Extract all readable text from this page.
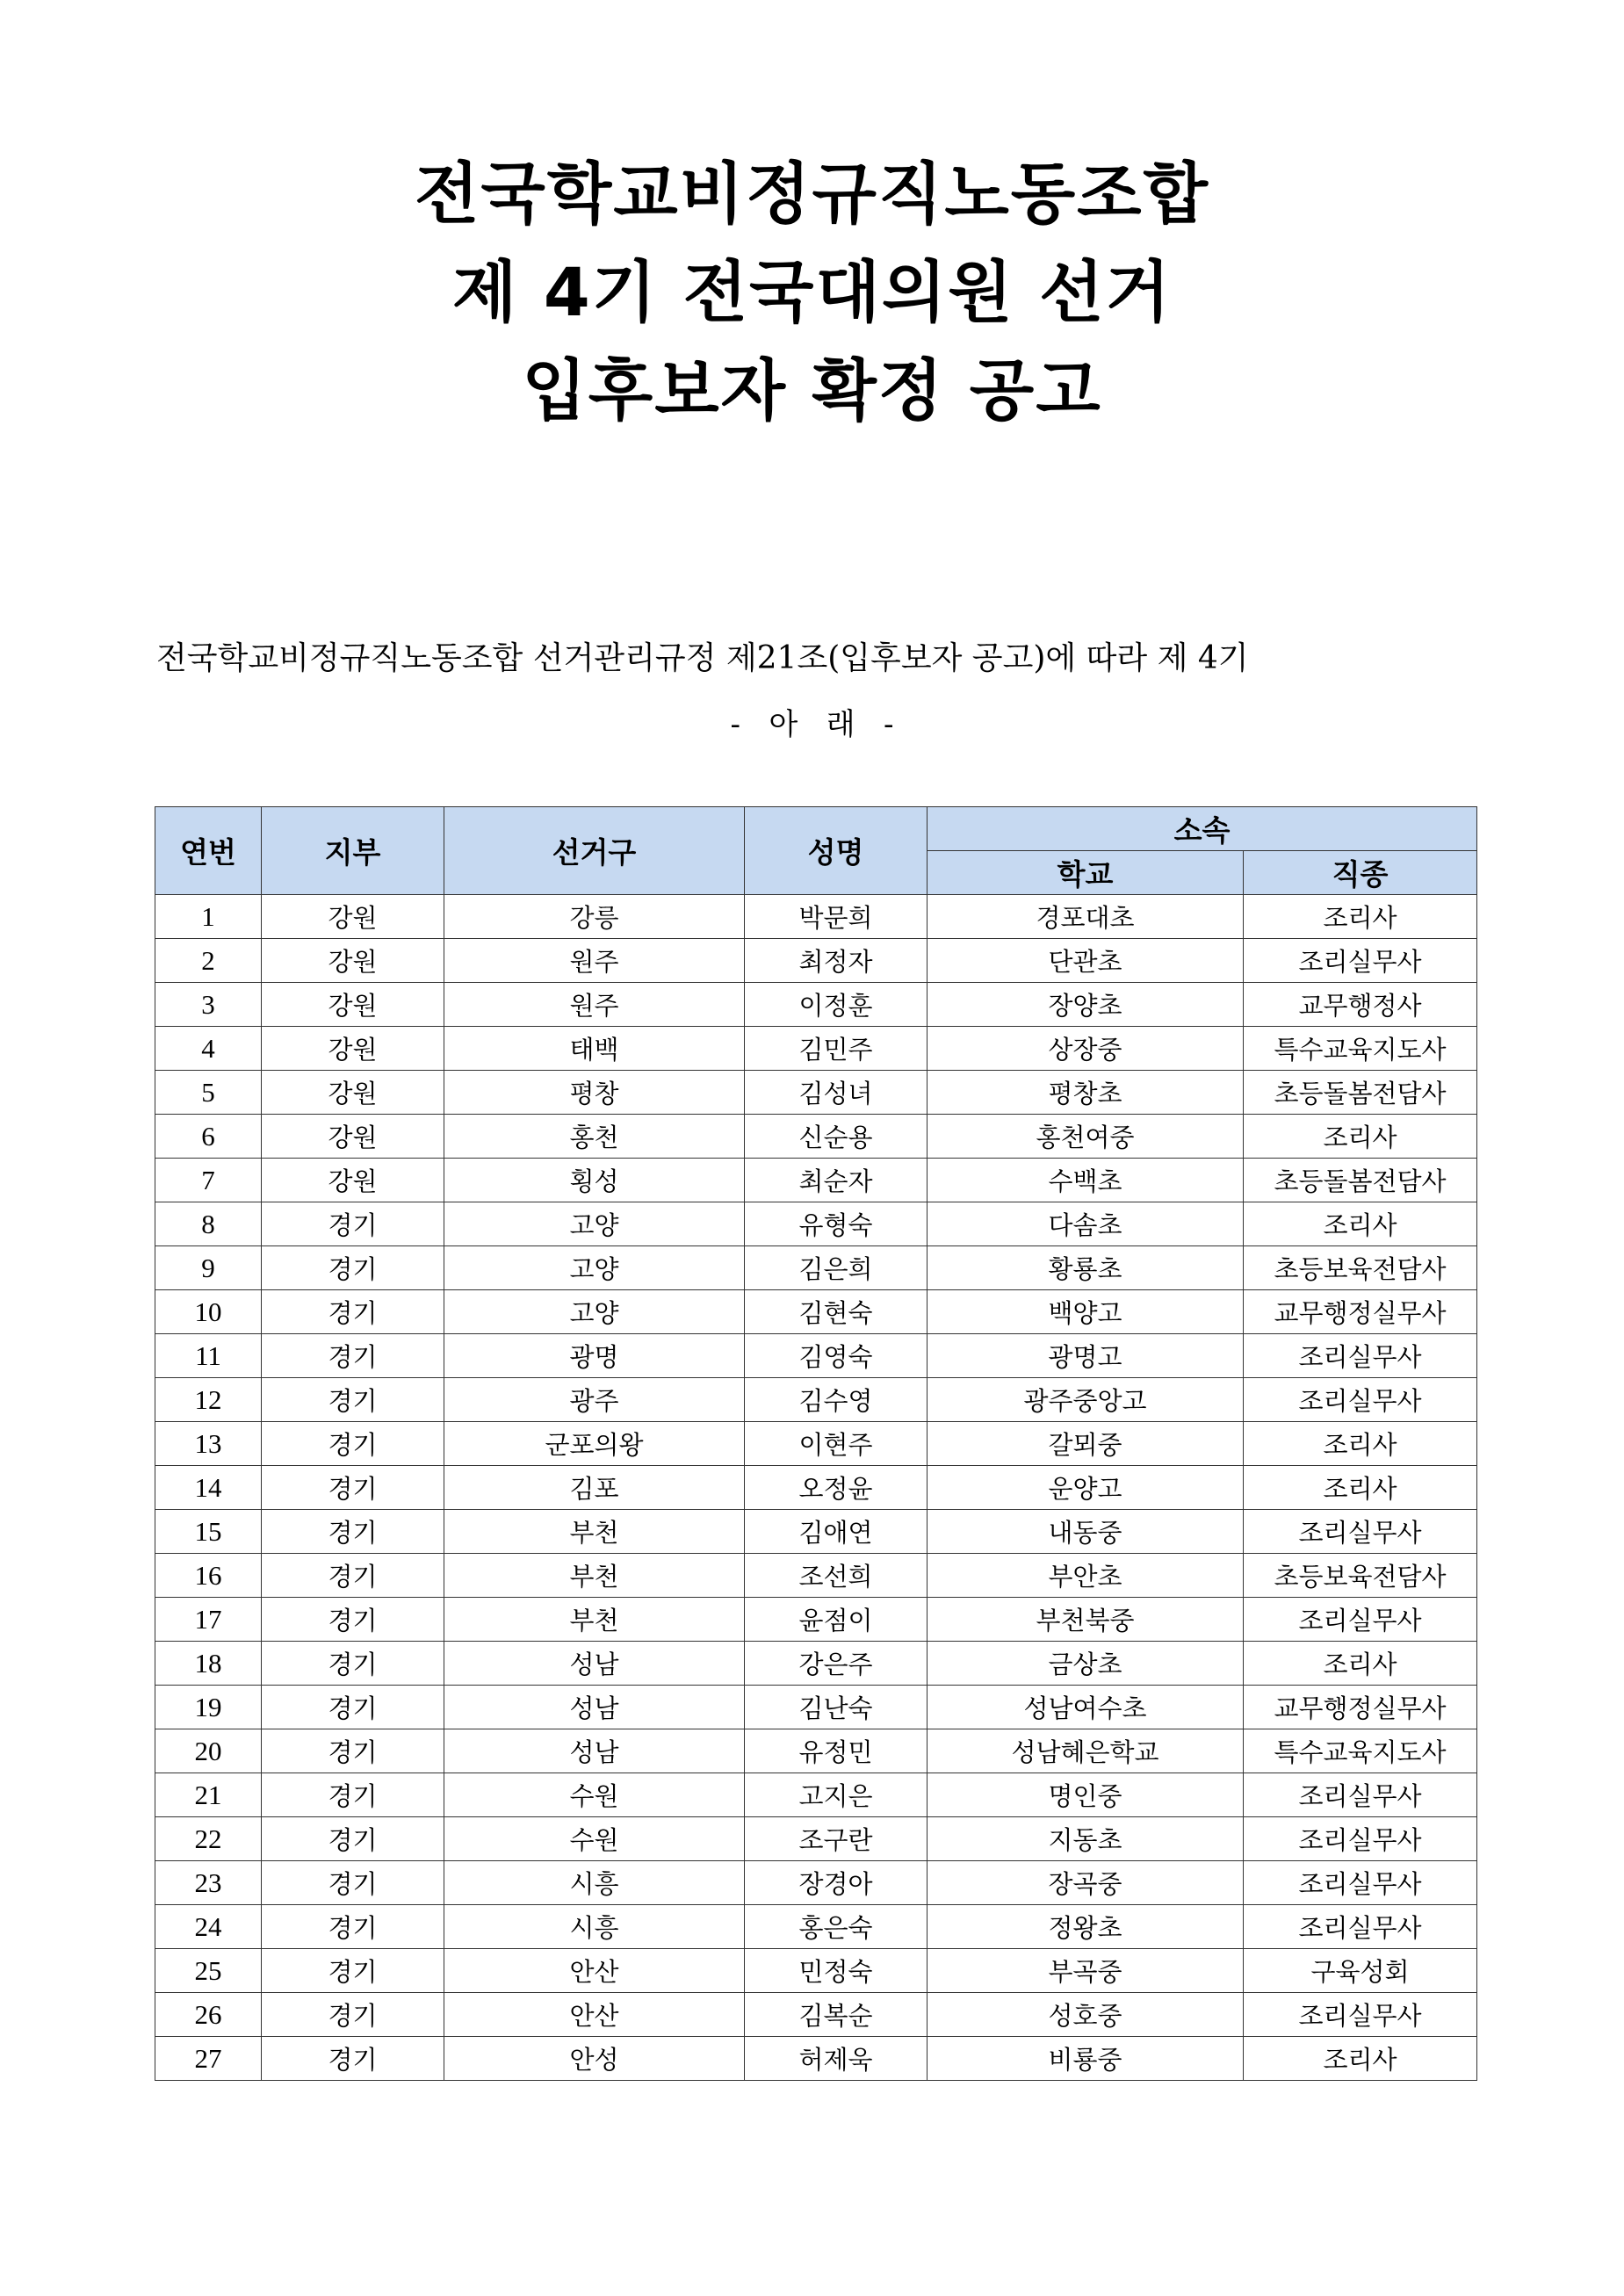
전국학교비정규직노동조합
제 4기 전국대의원 선거
입후보자 확정 공고

전국학교비정규직노동조합 선거관리규정 제21조(입후보자 공고)에 따라 제 4기

-   아   래   -
연번	지부	선거구	성명	소속	
				학교	직종
1	강원	강릉	박문희	경포대초	조리사
2	강원	원주	최정자	단관초	조리실무사
3	강원	원주	이정훈	장양초	교무행정사
4	강원	태백	김민주	상장중	특수교육지도사
5	강원	평창	김성녀	평창초	초등돌봄전담사
6	강원	홍천	신순용	홍천여중	조리사
7	강원	횡성	최순자	수백초	초등돌봄전담사
8	경기	고양	유형숙	다솜초	조리사
9	경기	고양	김은희	황룡초	초등보육전담사
10	경기	고양	김현숙	백양고	교무행정실무사
11	경기	광명	김영숙	광명고	조리실무사
12	경기	광주	김수영	광주중앙고	조리실무사
13	경기	군포의왕	이현주	갈뫼중	조리사
14	경기	김포	오정윤	운양고	조리사
15	경기	부천	김애연	내동중	조리실무사
16	경기	부천	조선희	부안초	초등보육전담사
17	경기	부천	윤점이	부천북중	조리실무사
18	경기	성남	강은주	금상초	조리사
19	경기	성남	김난숙	성남여수초	교무행정실무사
20	경기	성남	유정민	성남혜은학교	특수교육지도사
21	경기	수원	고지은	명인중	조리실무사
22	경기	수원	조구란	지동초	조리실무사
23	경기	시흥	장경아	장곡중	조리실무사
24	경기	시흥	홍은숙	정왕초	조리실무사
25	경기	안산	민정숙	부곡중	구육성회
26	경기	안산	김복순	성호중	조리실무사
27	경기	안성	허제욱	비룡중	조리사
